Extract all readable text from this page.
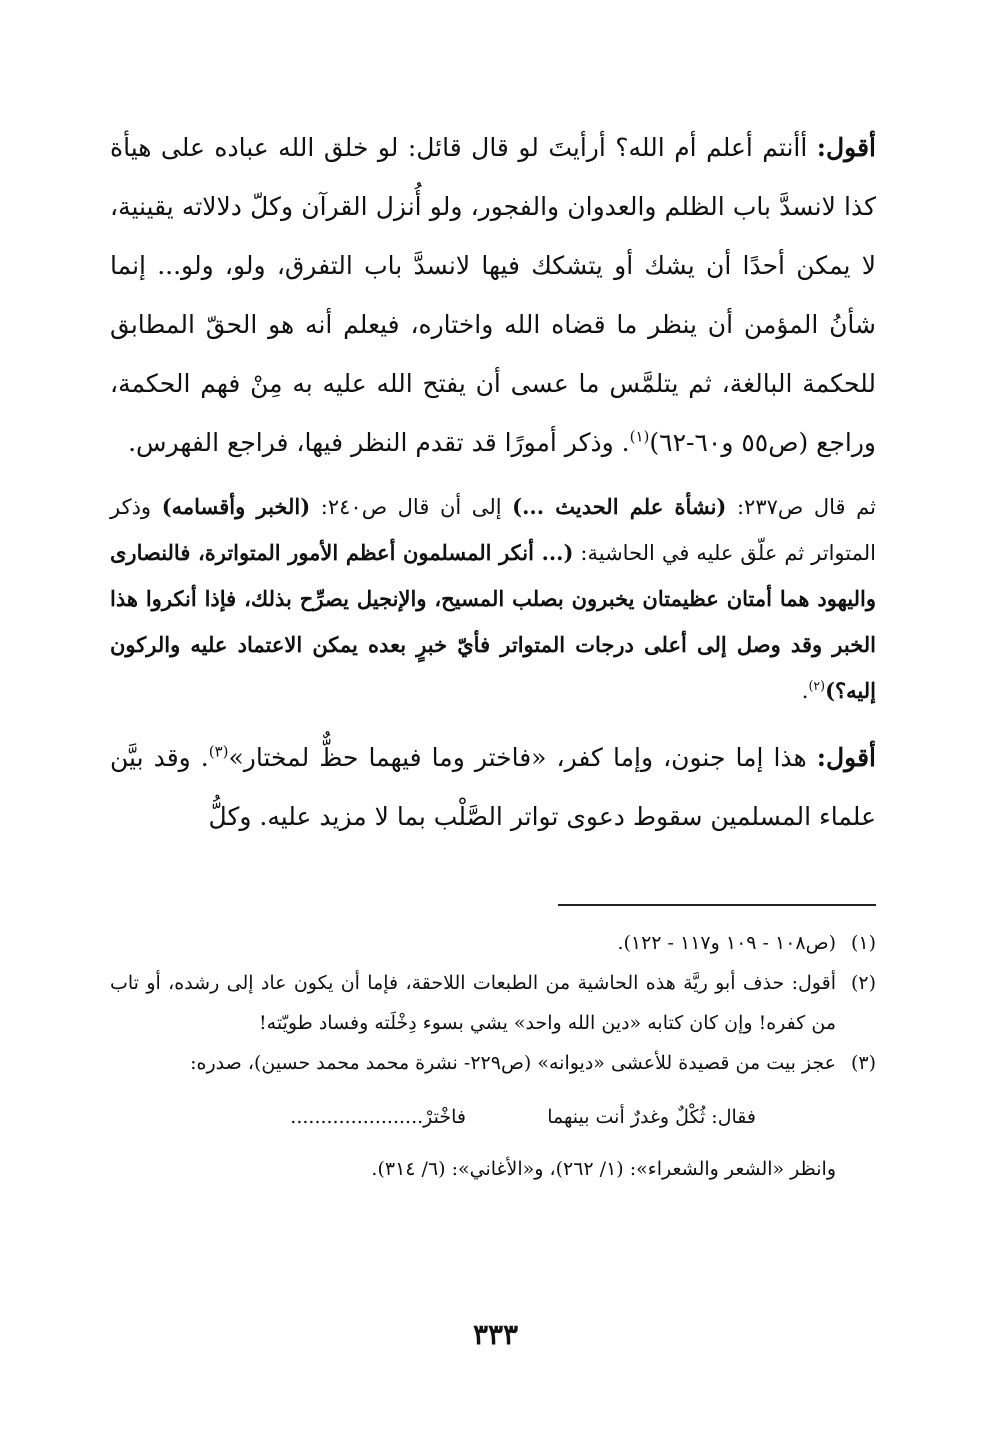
أقول: أأنتم أعلم أم الله؟ أرأيتَ لو قال قائل: لو خلق الله عباده على هيأة كذا لانسدَّ باب الظلم والعدوان والفجور، ولو أُنزل القرآن وكلّ دلالاته يقينية، لا يمكن أحدًا أن يشك أو يتشكك فيها لانسدَّ باب التفرق، ولو، ولو... إنما شأنُ المؤمن أن ينظر ما قضاه الله واختاره، فيعلم أنه هو الحقّ المطابق للحكمة البالغة، ثم يتلمَّس ما عسى أن يفتح الله عليه به مِنْ فهم الحكمة، وراجع (ص٥٥ و٦٠-٦٢)$^{(١)}$. وذكر أمورًا قد تقدم النظر فيها، فراجع الفهرس.

ثم قال ص٢٣٧: (نشأة علم الحديث ...) إلى أن قال ص٢٤٠: (الخبر وأقسامه) وذكر المتواتر ثم علّق عليه في الحاشية: (... أنكر المسلمون أعظم الأمور المتواترة، فالنصارى واليهود هما أمتان عظيمتان يخبرون بصلب المسيح، والإنجيل يصرِّح بذلك، فإذا أنكروا هذا الخبر وقد وصل إلى أعلى درجات المتواتر فأيّ خبرٍ بعده يمكن الاعتماد عليه والركون إليه؟)$^{(٢)}$.

أقول: هذا إما جنون، وإما كفر، «فاختر وما فيهما حظٌّ لمختار»$^{(٣)}$. وقد بيَّن علماء المسلمين سقوط دعوى تواتر الصَّلْب بما لا مزيد عليه. وكلُّ

(١)
(ص١٠٨ - ١٠٩ و١١٧ - ١٢٢).
(٢)
أقول: حذف أبو ريَّة هذه الحاشية من الطبعات اللاحقة، فإما أن يكون عاد إلى رشده، أو تاب من كفره! وإن كان كتابه «دين الله واحد» يشي بسوء دِخْلَته وفساد طويّته!
(٣)
عجز بيت من قصيدة للأعشى «ديوانه» (ص٢٢٩- نشرة محمد محمد حسين)، صدره:
فقال: ثُكْلٌ وغدرٌ أنت بينهما
فاخْترْ......................

وانظر «الشعر والشعراء»: (١/ ٢٦٢)، و«الأغاني»: (٦/ ٣١٤).

٣٣٣
